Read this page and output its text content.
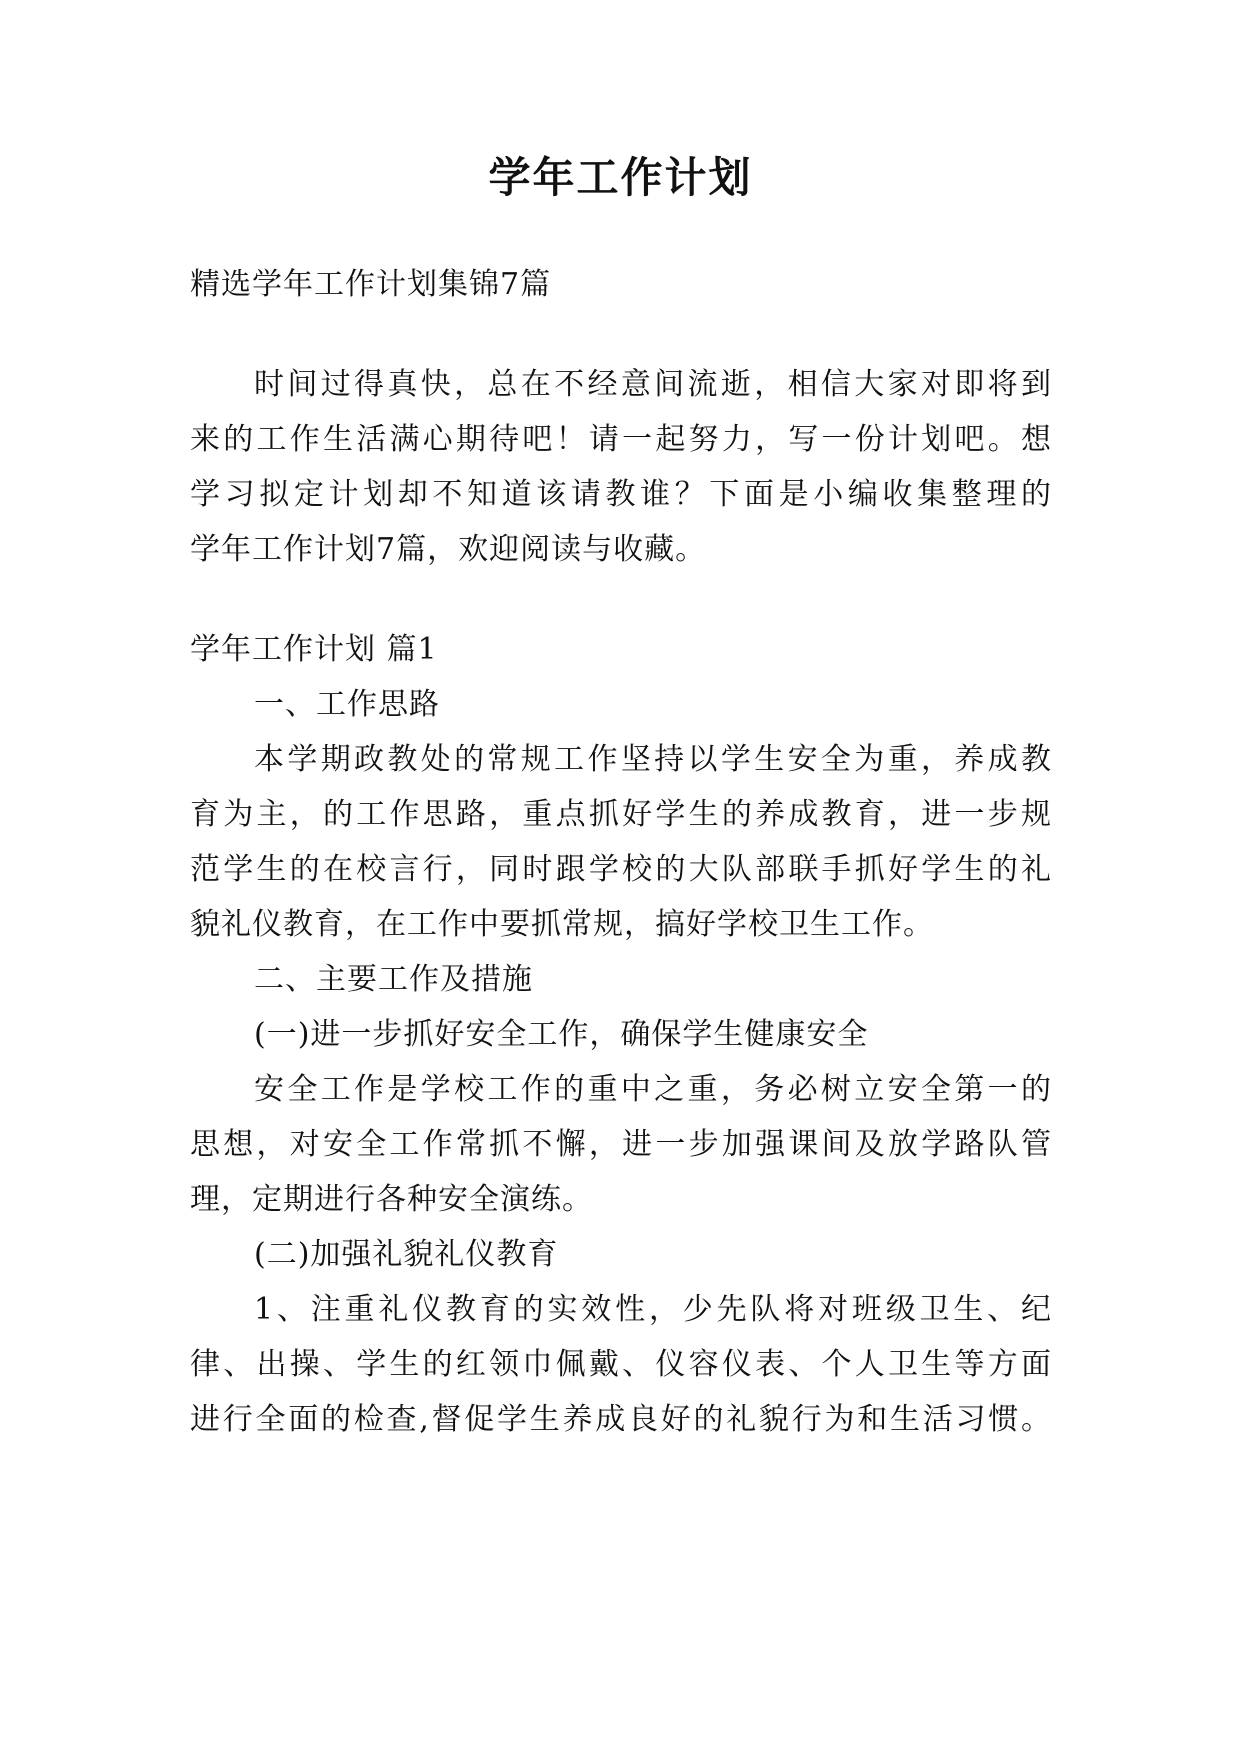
学年工作计划
精选学年工作计划集锦7篇
时间过得真快，总在不经意间流逝，相信大家对即将到
来的工作生活满心期待吧！请一起努力，写一份计划吧。想
学习拟定计划却不知道该请教谁？下面是小编收集整理的
学年工作计划7篇，欢迎阅读与收藏。
学年工作计划 篇1
一、工作思路
本学期政教处的常规工作坚持以学生安全为重，养成教
育为主，的工作思路，重点抓好学生的养成教育，进一步规
范学生的在校言行，同时跟学校的大队部联手抓好学生的礼
貌礼仪教育，在工作中要抓常规，搞好学校卫生工作。
二、主要工作及措施
(一)进一步抓好安全工作，确保学生健康安全
安全工作是学校工作的重中之重，务必树立安全第一的
思想，对安全工作常抓不懈，进一步加强课间及放学路队管
理，定期进行各种安全演练。
(二)加强礼貌礼仪教育
1、注重礼仪教育的实效性，少先队将对班级卫生、纪
律、出操、学生的红领巾佩戴、仪容仪表、个人卫生等方面
进行全面的检查,督促学生养成良好的礼貌行为和生活习惯。
